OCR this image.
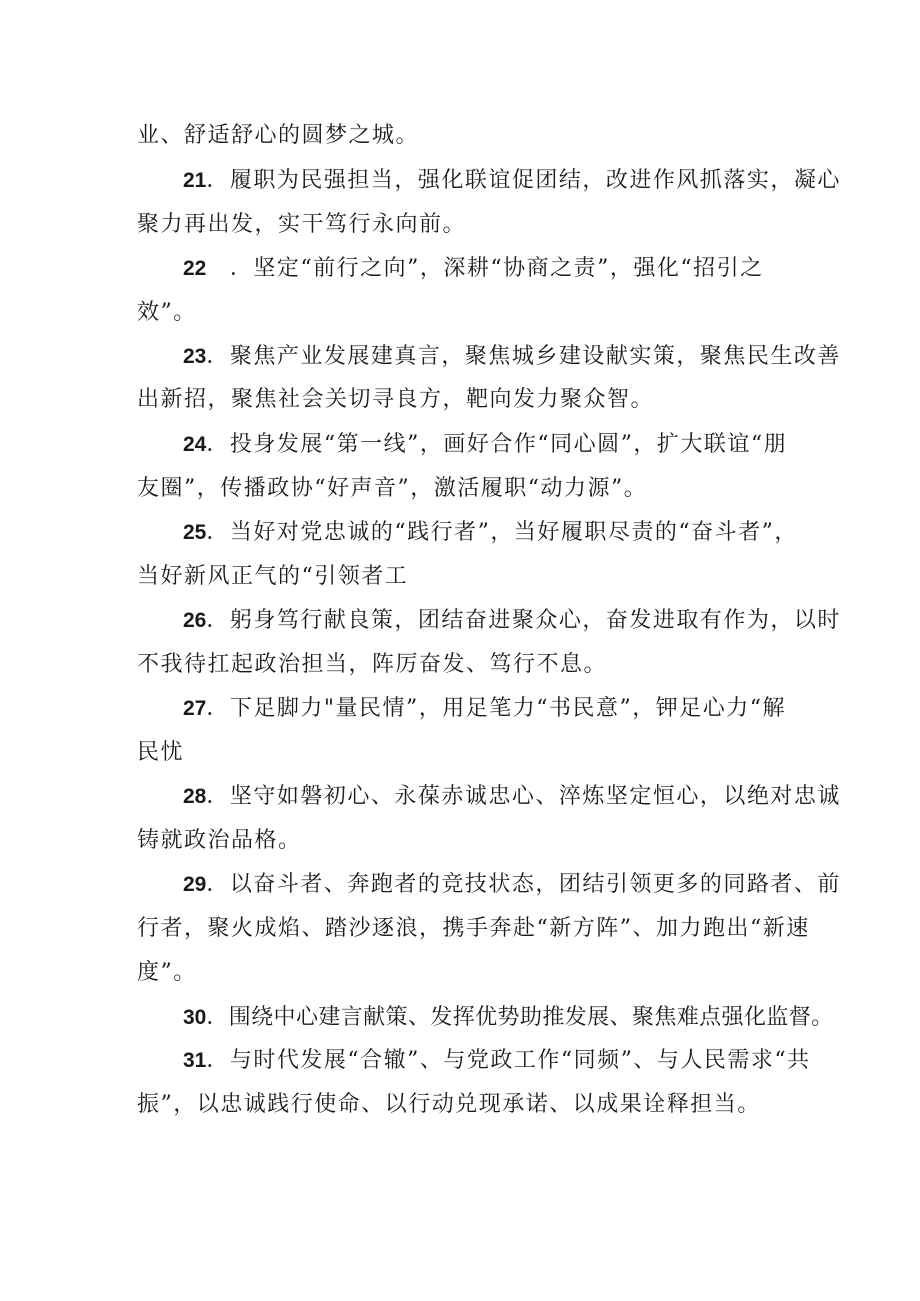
业、舒适舒心的圆梦之城。
21．履职为民强担当，强化联谊促团结，改进作风抓落实，凝心
聚力再出发，实干笃行永向前。
22　．坚定“前行之向”，深耕“协商之责”，强化“招引之
效”。
23．聚焦产业发展建真言，聚焦城乡建设献实策，聚焦民生改善
出新招，聚焦社会关切寻良方，靶向发力聚众智。
24．投身发展“第一线”，画好合作“同心圆”，扩大联谊“朋
友圈”，传播政协“好声音”，激活履职“动力源”。
25．当好对党忠诚的“践行者”，当好履职尽责的“奋斗者”，
当好新风正气的“引领者工
26．躬身笃行献良策，团结奋进聚众心，奋发进取有作为，以时
不我待扛起政治担当，阵厉奋发、笃行不息。
27．下足脚力"量民情”，用足笔力“书民意”，钾足心力“解
民忧
28．坚守如磐初心、永葆赤诚忠心、淬炼坚定恒心，以绝对忠诚
铸就政治品格。
29．以奋斗者、奔跑者的竞技状态，团结引领更多的同路者、前
行者，聚火成焰、踏沙逐浪，携手奔赴“新方阵”、加力跑出“新速
度”。
30．围绕中心建言献策、发挥优势助推发展、聚焦难点强化监督。
31．与时代发展“合辙”、与党政工作“同频”、与人民需求“共
振”，以忠诚践行使命、以行动兑现承诺、以成果诠释担当。
